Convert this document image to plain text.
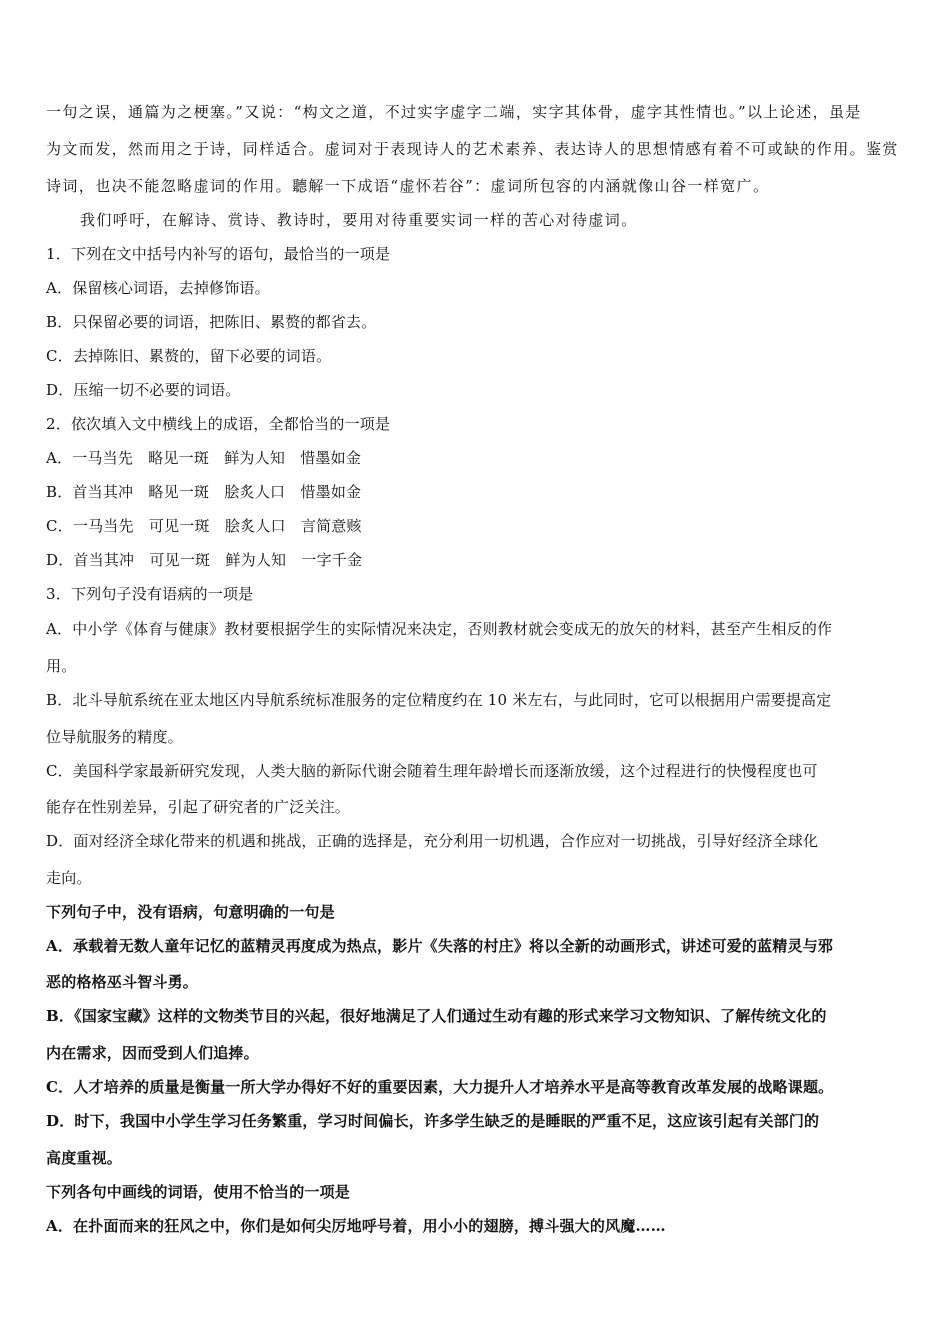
一句之误，通篇为之梗塞。”又说：“构文之道，不过实字虚字二端，实字其体骨，虚字其性情也。”以上论述，虽是
为文而发，然而用之于诗，同样适合。虚词对于表现诗人的艺术素养、表达诗人的思想情感有着不可或缺的作用。鉴赏
诗词，也决不能忽略虚词的作用。聽解一下成语“虚怀若谷”：虚词所包容的内涵就像山谷一样宽广。
我们呼吁，在解诗、赏诗、教诗时，要用对待重要实词一样的苦心对待虚词。
1．下列在文中括号内补写的语句，最恰当的一项是
A．保留核心词语，去掉修饰语。
B．只保留必要的词语，把陈旧、累赘的都省去。
C．去掉陈旧、累赘的，留下必要的词语。
D．压缩一切不必要的词语。
2．依次填入文中横线上的成语，全都恰当的一项是
A．一马当先　略见一斑　鲜为人知　惜墨如金
B．首当其冲　略见一斑　脍炙人口　惜墨如金
C．一马当先　可见一斑　脍炙人口　言简意赅
D．首当其冲　可见一斑　鲜为人知　一字千金
3．下列句子没有语病的一项是
A．中小学《体育与健康》教材要根据学生的实际情况来决定，否则教材就会变成无的放矢的材料，甚至产生相反的作
用。
B．北斗导航系统在亚太地区内导航系统标准服务的定位精度约在 10 米左右，与此同时，它可以根据用户需要提高定
位导航服务的精度。
C．美国科学家最新研究发现，人类大脑的新际代谢会随着生理年龄增长而逐渐放缓，这个过程进行的快慢程度也可
能存在性别差异，引起了研究者的广泛关注。
D．面对经济全球化带来的机遇和挑战，正确的选择是，充分利用一切机遇，合作应对一切挑战，引导好经济全球化
走向。
下列句子中，没有语病，句意明确的一句是
A．承载着无数人童年记忆的蓝精灵再度成为热点，影片《失落的村庄》将以全新的动画形式，讲述可爱的蓝精灵与邪
恶的格格巫斗智斗勇。
B．《国家宝藏》这样的文物类节目的兴起，很好地满足了人们通过生动有趣的形式来学习文物知识、了解传统文化的
内在需求，因而受到人们追捧。
C．人才培养的质量是衡量一所大学办得好不好的重要因素，大力提升人才培养水平是高等教育改革发展的战略课题。
D．时下，我国中小学生学习任务繁重，学习时间偏长，许多学生缺乏的是睡眠的严重不足，这应该引起有关部门的
高度重视。
下列各句中画线的词语，使用不恰当的一项是
A．在扑面而来的狂风之中，你们是如何尖厉地呼号着，用小小的翅膀，搏斗强大的风魔……
